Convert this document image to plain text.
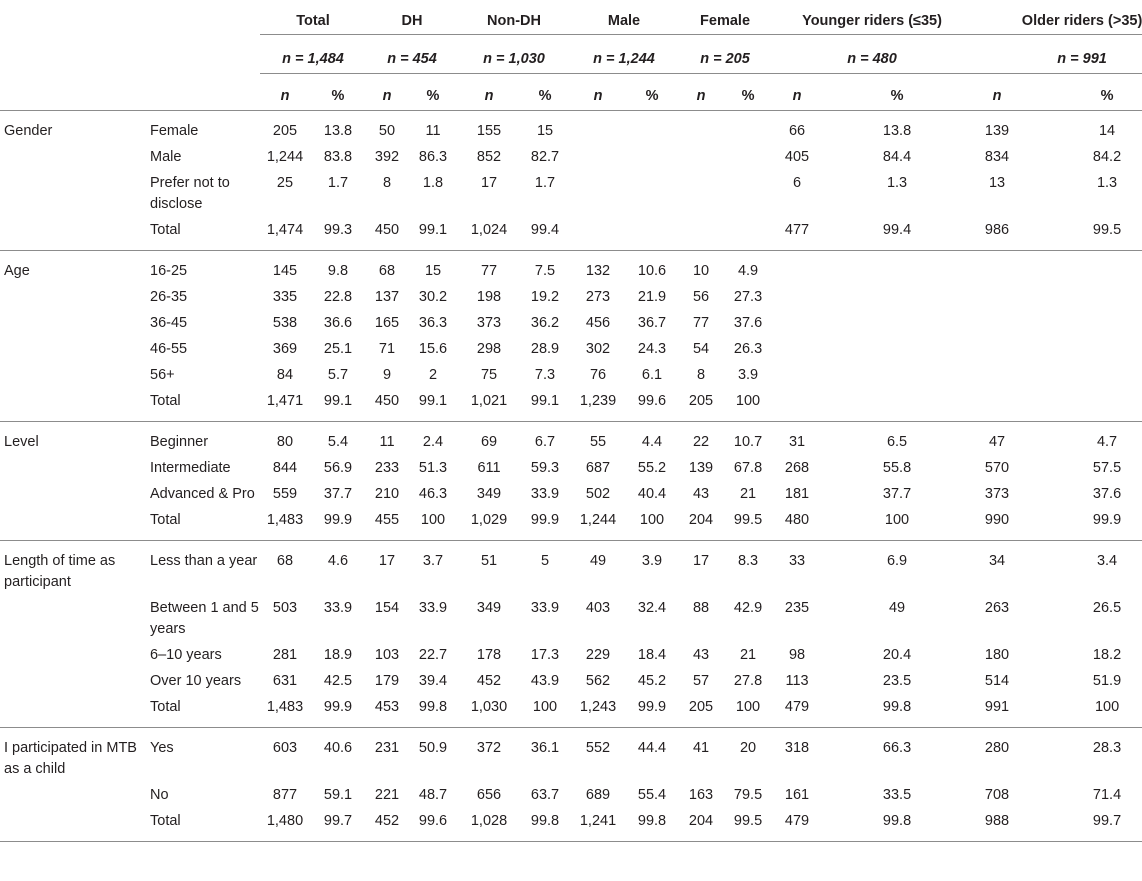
		Total		DH		Non-DH		Male		Female		Younger riders (≤35)		Older riders (>35)	
		n = 1,484		n = 454		n = 1,030		n = 1,244		n = 205		n = 480		n = 991	
		n	%	n	%	n	%	n	%	n	%	n	%	n	%
Gender	Female	205	13.8	50	11	155	15					66	13.8	139	14
	Male	1,244	83.8	392	86.3	852	82.7					405	84.4	834	84.2
	Prefer not to disclose	25	1.7	8	1.8	17	1.7					6	1.3	13	1.3
	Total	1,474	99.3	450	99.1	1,024	99.4					477	99.4	986	99.5
Age	16-25	145	9.8	68	15	77	7.5	132	10.6	10	4.9				
	26-35	335	22.8	137	30.2	198	19.2	273	21.9	56	27.3				
	36-45	538	36.6	165	36.3	373	36.2	456	36.7	77	37.6				
	46-55	369	25.1	71	15.6	298	28.9	302	24.3	54	26.3				
	56+	84	5.7	9	2	75	7.3	76	6.1	8	3.9				
	Total	1,471	99.1	450	99.1	1,021	99.1	1,239	99.6	205	100				
Level	Beginner	80	5.4	11	2.4	69	6.7	55	4.4	22	10.7	31	6.5	47	4.7
	Intermediate	844	56.9	233	51.3	611	59.3	687	55.2	139	67.8	268	55.8	570	57.5
	Advanced & Pro	559	37.7	210	46.3	349	33.9	502	40.4	43	21	181	37.7	373	37.6
	Total	1,483	99.9	455	100	1,029	99.9	1,244	100	204	99.5	480	100	990	99.9
Length of time as participant	Less than a year	68	4.6	17	3.7	51	5	49	3.9	17	8.3	33	6.9	34	3.4
	Between 1 and 5 years	503	33.9	154	33.9	349	33.9	403	32.4	88	42.9	235	49	263	26.5
	6–10 years	281	18.9	103	22.7	178	17.3	229	18.4	43	21	98	20.4	180	18.2
	Over 10 years	631	42.5	179	39.4	452	43.9	562	45.2	57	27.8	113	23.5	514	51.9
	Total	1,483	99.9	453	99.8	1,030	100	1,243	99.9	205	100	479	99.8	991	100
I participated in MTB as a child	Yes	603	40.6	231	50.9	372	36.1	552	44.4	41	20	318	66.3	280	28.3
	No	877	59.1	221	48.7	656	63.7	689	55.4	163	79.5	161	33.5	708	71.4
	Total	1,480	99.7	452	99.6	1,028	99.8	1,241	99.8	204	99.5	479	99.8	988	99.7
